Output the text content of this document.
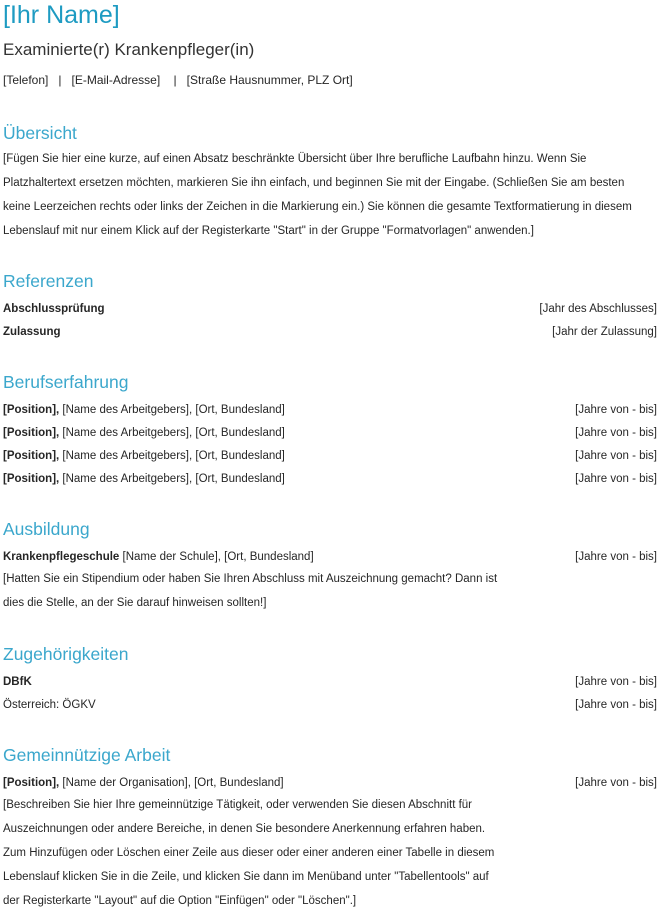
[Ihr Name]
Examinierte(r) Krankenpfleger(in)
[Telefon]   |   [E-Mail-Adresse]    |   [Straße Hausnummer, PLZ Ort]
Übersicht
[Fügen Sie hier eine kurze, auf einen Absatz beschränkte Übersicht über Ihre berufliche Laufbahn hinzu. Wenn Sie
Platzhaltertext ersetzen möchten, markieren Sie ihn einfach, und beginnen Sie mit der Eingabe. (Schließen Sie am besten
keine Leerzeichen rechts oder links der Zeichen in die Markierung ein.) Sie können die gesamte Textformatierung in diesem
Lebenslauf mit nur einem Klick auf der Registerkarte "Start" in der Gruppe "Formatvorlagen" anwenden.]
Referenzen
Abschlussprüfung	[Jahr des Abschlusses]
Zulassung	[Jahr der Zulassung]
Berufserfahrung
[Position], [Name des Arbeitgebers], [Ort, Bundesland]	[Jahre von - bis]
[Position], [Name des Arbeitgebers], [Ort, Bundesland]	[Jahre von - bis]
[Position], [Name des Arbeitgebers], [Ort, Bundesland]	[Jahre von - bis]
[Position], [Name des Arbeitgebers], [Ort, Bundesland]	[Jahre von - bis]
Ausbildung
Krankenpflegeschule [Name der Schule], [Ort, Bundesland]	[Jahre von - bis]
[Hatten Sie ein Stipendium oder haben Sie Ihren Abschluss mit Auszeichnung gemacht? Dann ist
dies die Stelle, an der Sie darauf hinweisen sollten!]
Zugehörigkeiten
DBfK	[Jahre von - bis]
Österreich: ÖGKV	[Jahre von - bis]
Gemeinnützige Arbeit
[Position], [Name der Organisation], [Ort, Bundesland]	[Jahre von - bis]
[Beschreiben Sie hier Ihre gemeinnützige Tätigkeit, oder verwenden Sie diesen Abschnitt für
Auszeichnungen oder andere Bereiche, in denen Sie besondere Anerkennung erfahren haben.
Zum Hinzufügen oder Löschen einer Zeile aus dieser oder einer anderen einer Tabelle in diesem
Lebenslauf klicken Sie in die Zeile, und klicken Sie dann im Menüband unter "Tabellentools" auf
der Registerkarte "Layout" auf die Option "Einfügen" oder "Löschen".]
